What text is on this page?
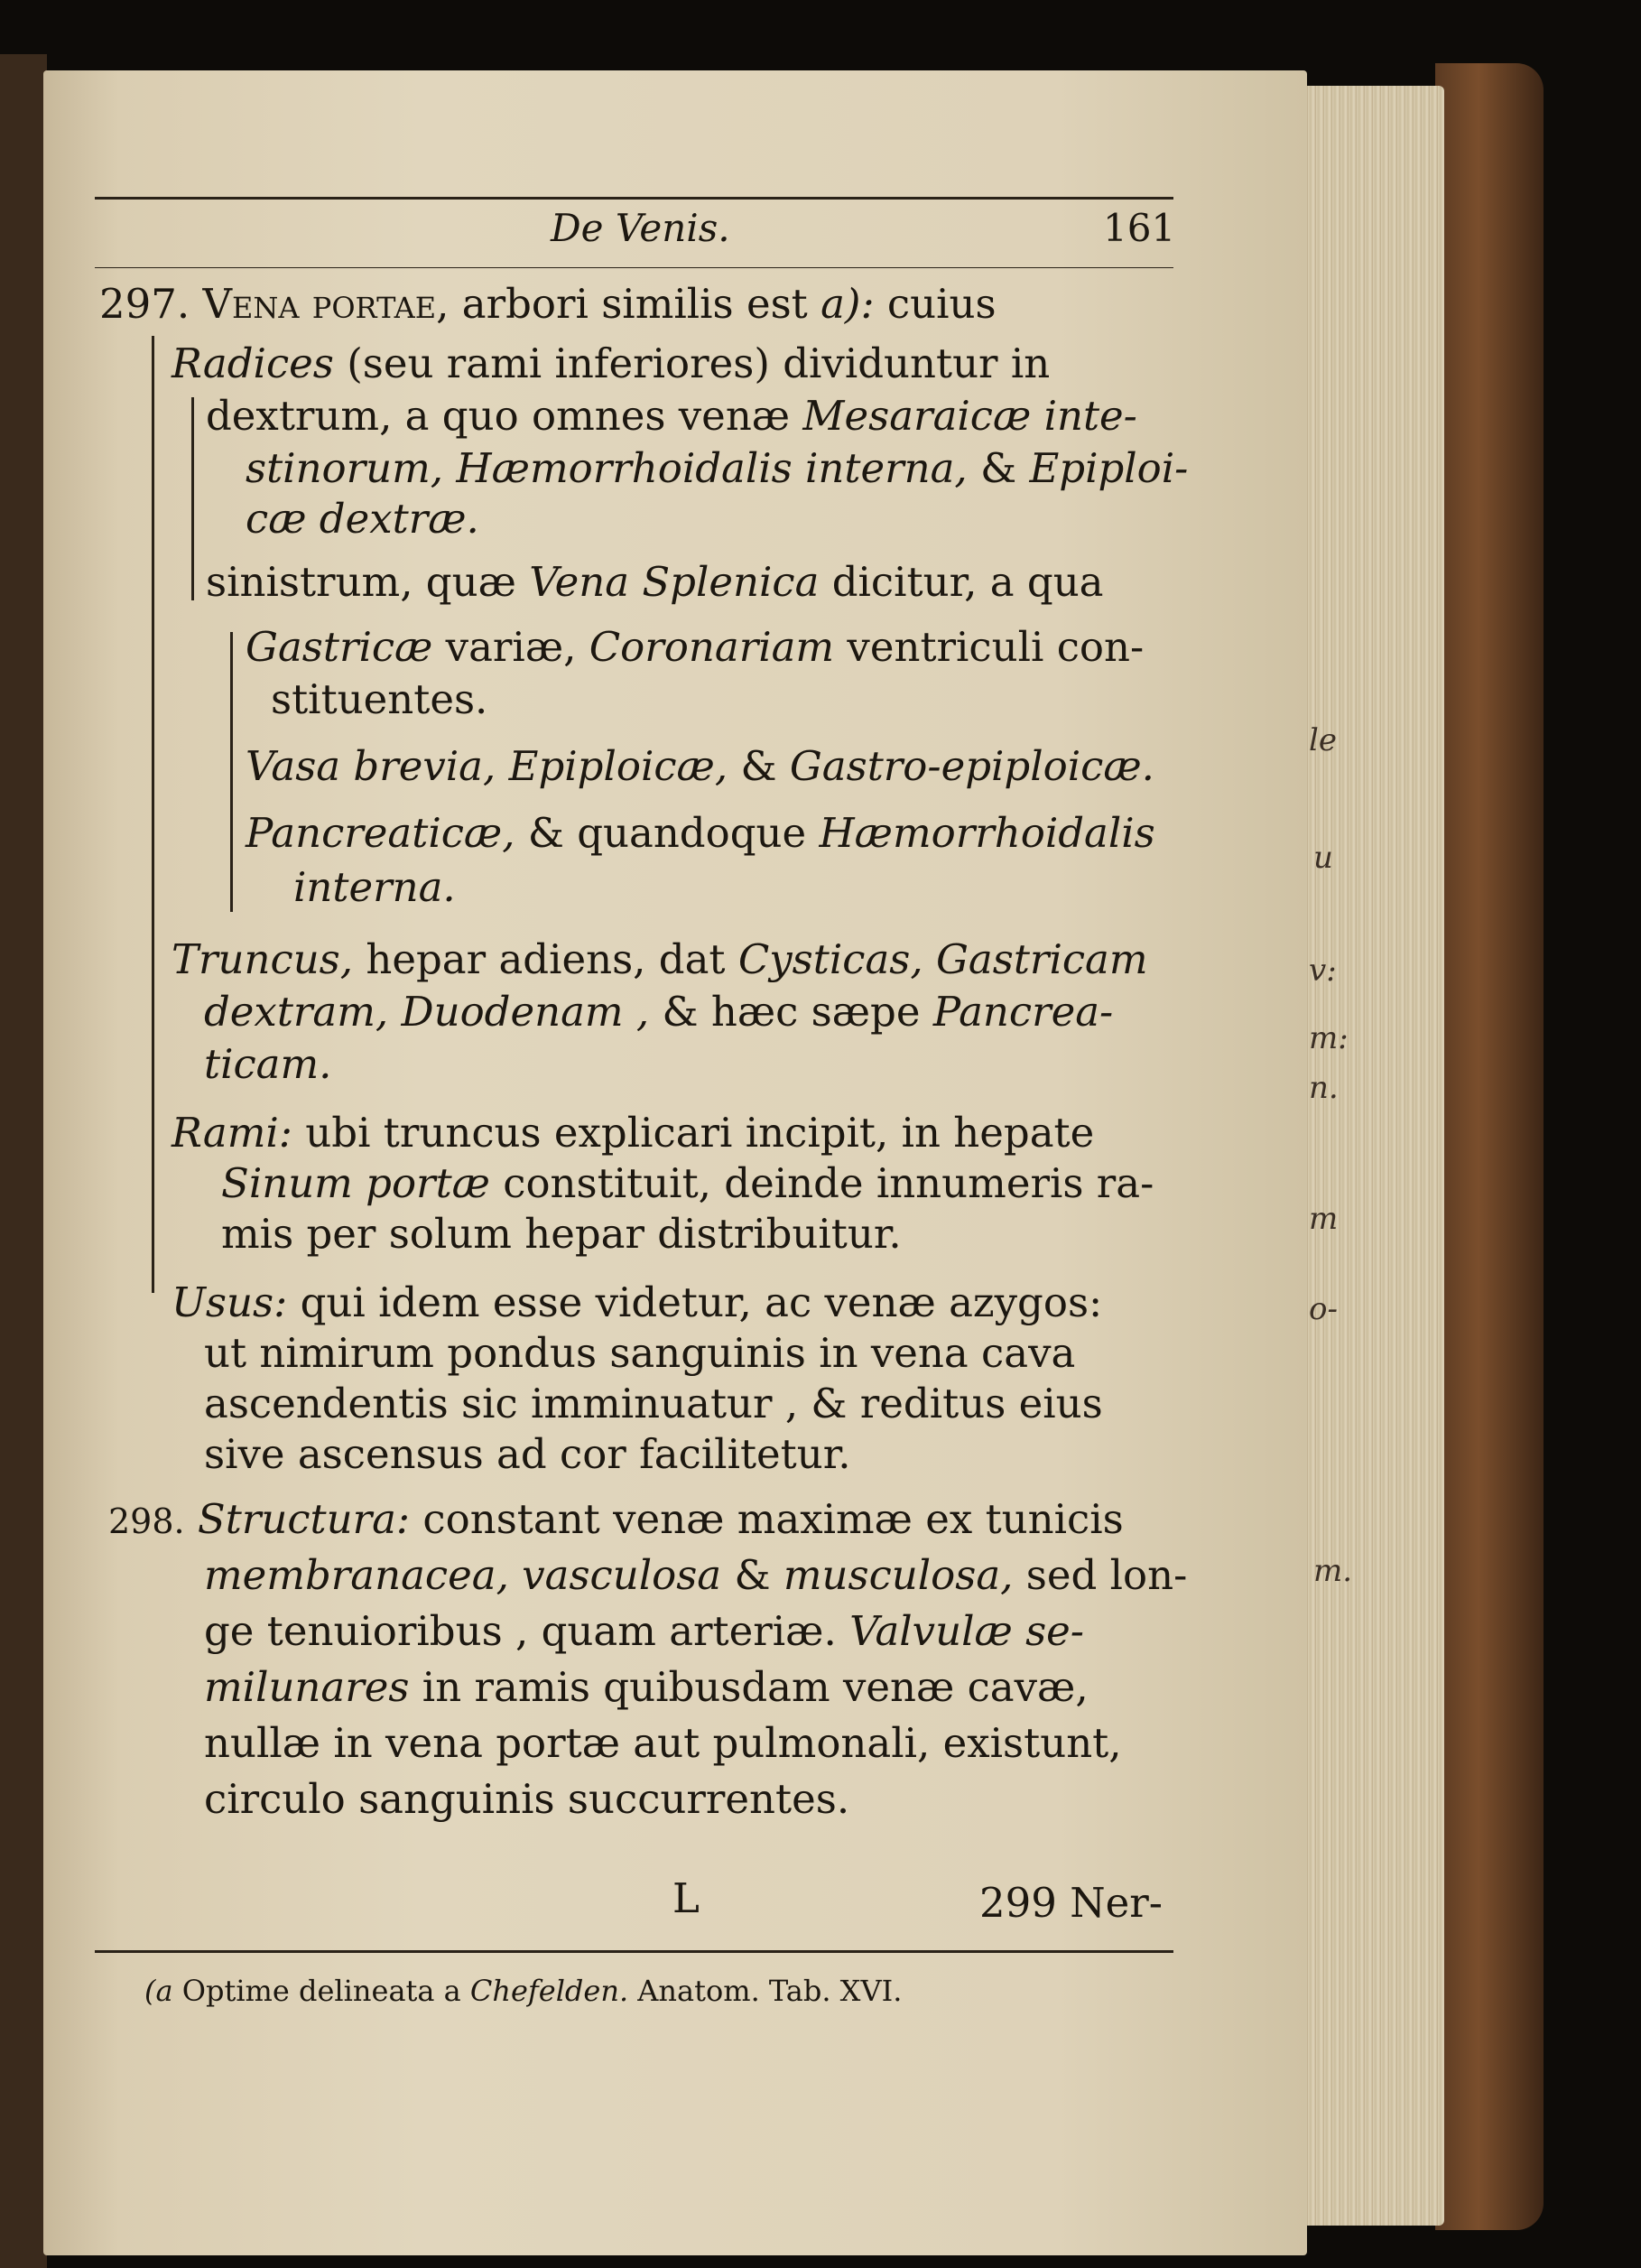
De Venis.	161
297. Vena portae, arbori similis est a): cuius
Radices (seu rami inferiores) dividuntur in
dextrum, a quo omnes venæ Mesaraicæ inte-
stinorum, Hæmorrhoidalis interna, & Epiploi-
cæ dextræ.
sinistrum, quæ Vena Splenica dicitur, a qua
Gastricæ variæ, Coronariam ventriculi con-
stituentes.
Vasa brevia, Epiploicæ, & Gastro-epiploicæ.
Pancreaticæ, & quandoque Hæmorrhoidalis
interna.
Truncus, hepar adiens, dat Cysticas, Gastricam
dextram, Duodenam , & hæc sæpe Pancrea-
ticam.
Rami: ubi truncus explicari incipit, in hepate
Sinum portæ constituit, deinde innumeris ra-
mis per solum hepar distribuitur.
Usus: qui idem esse videtur, ac venæ azygos:
ut nimirum pondus sanguinis in vena cava
ascendentis sic imminuatur , & reditus eius
sive ascensus ad cor facilitetur.
298. Structura: constant venæ maximæ ex tunicis
membranacea, vasculosa & musculosa, sed lon-
ge tenuioribus , quam arteriæ. Valvulæ se-
milunares in ramis quibusdam venæ cavæ,
nullæ in vena portæ aut pulmonali, existunt,
circulo sanguinis succurrentes.
L	299 Ner-
(a Optime delineata a Chefelden. Anatom. Tab. XVI.
le
u
v:
m:
n.
m
o-
m.
